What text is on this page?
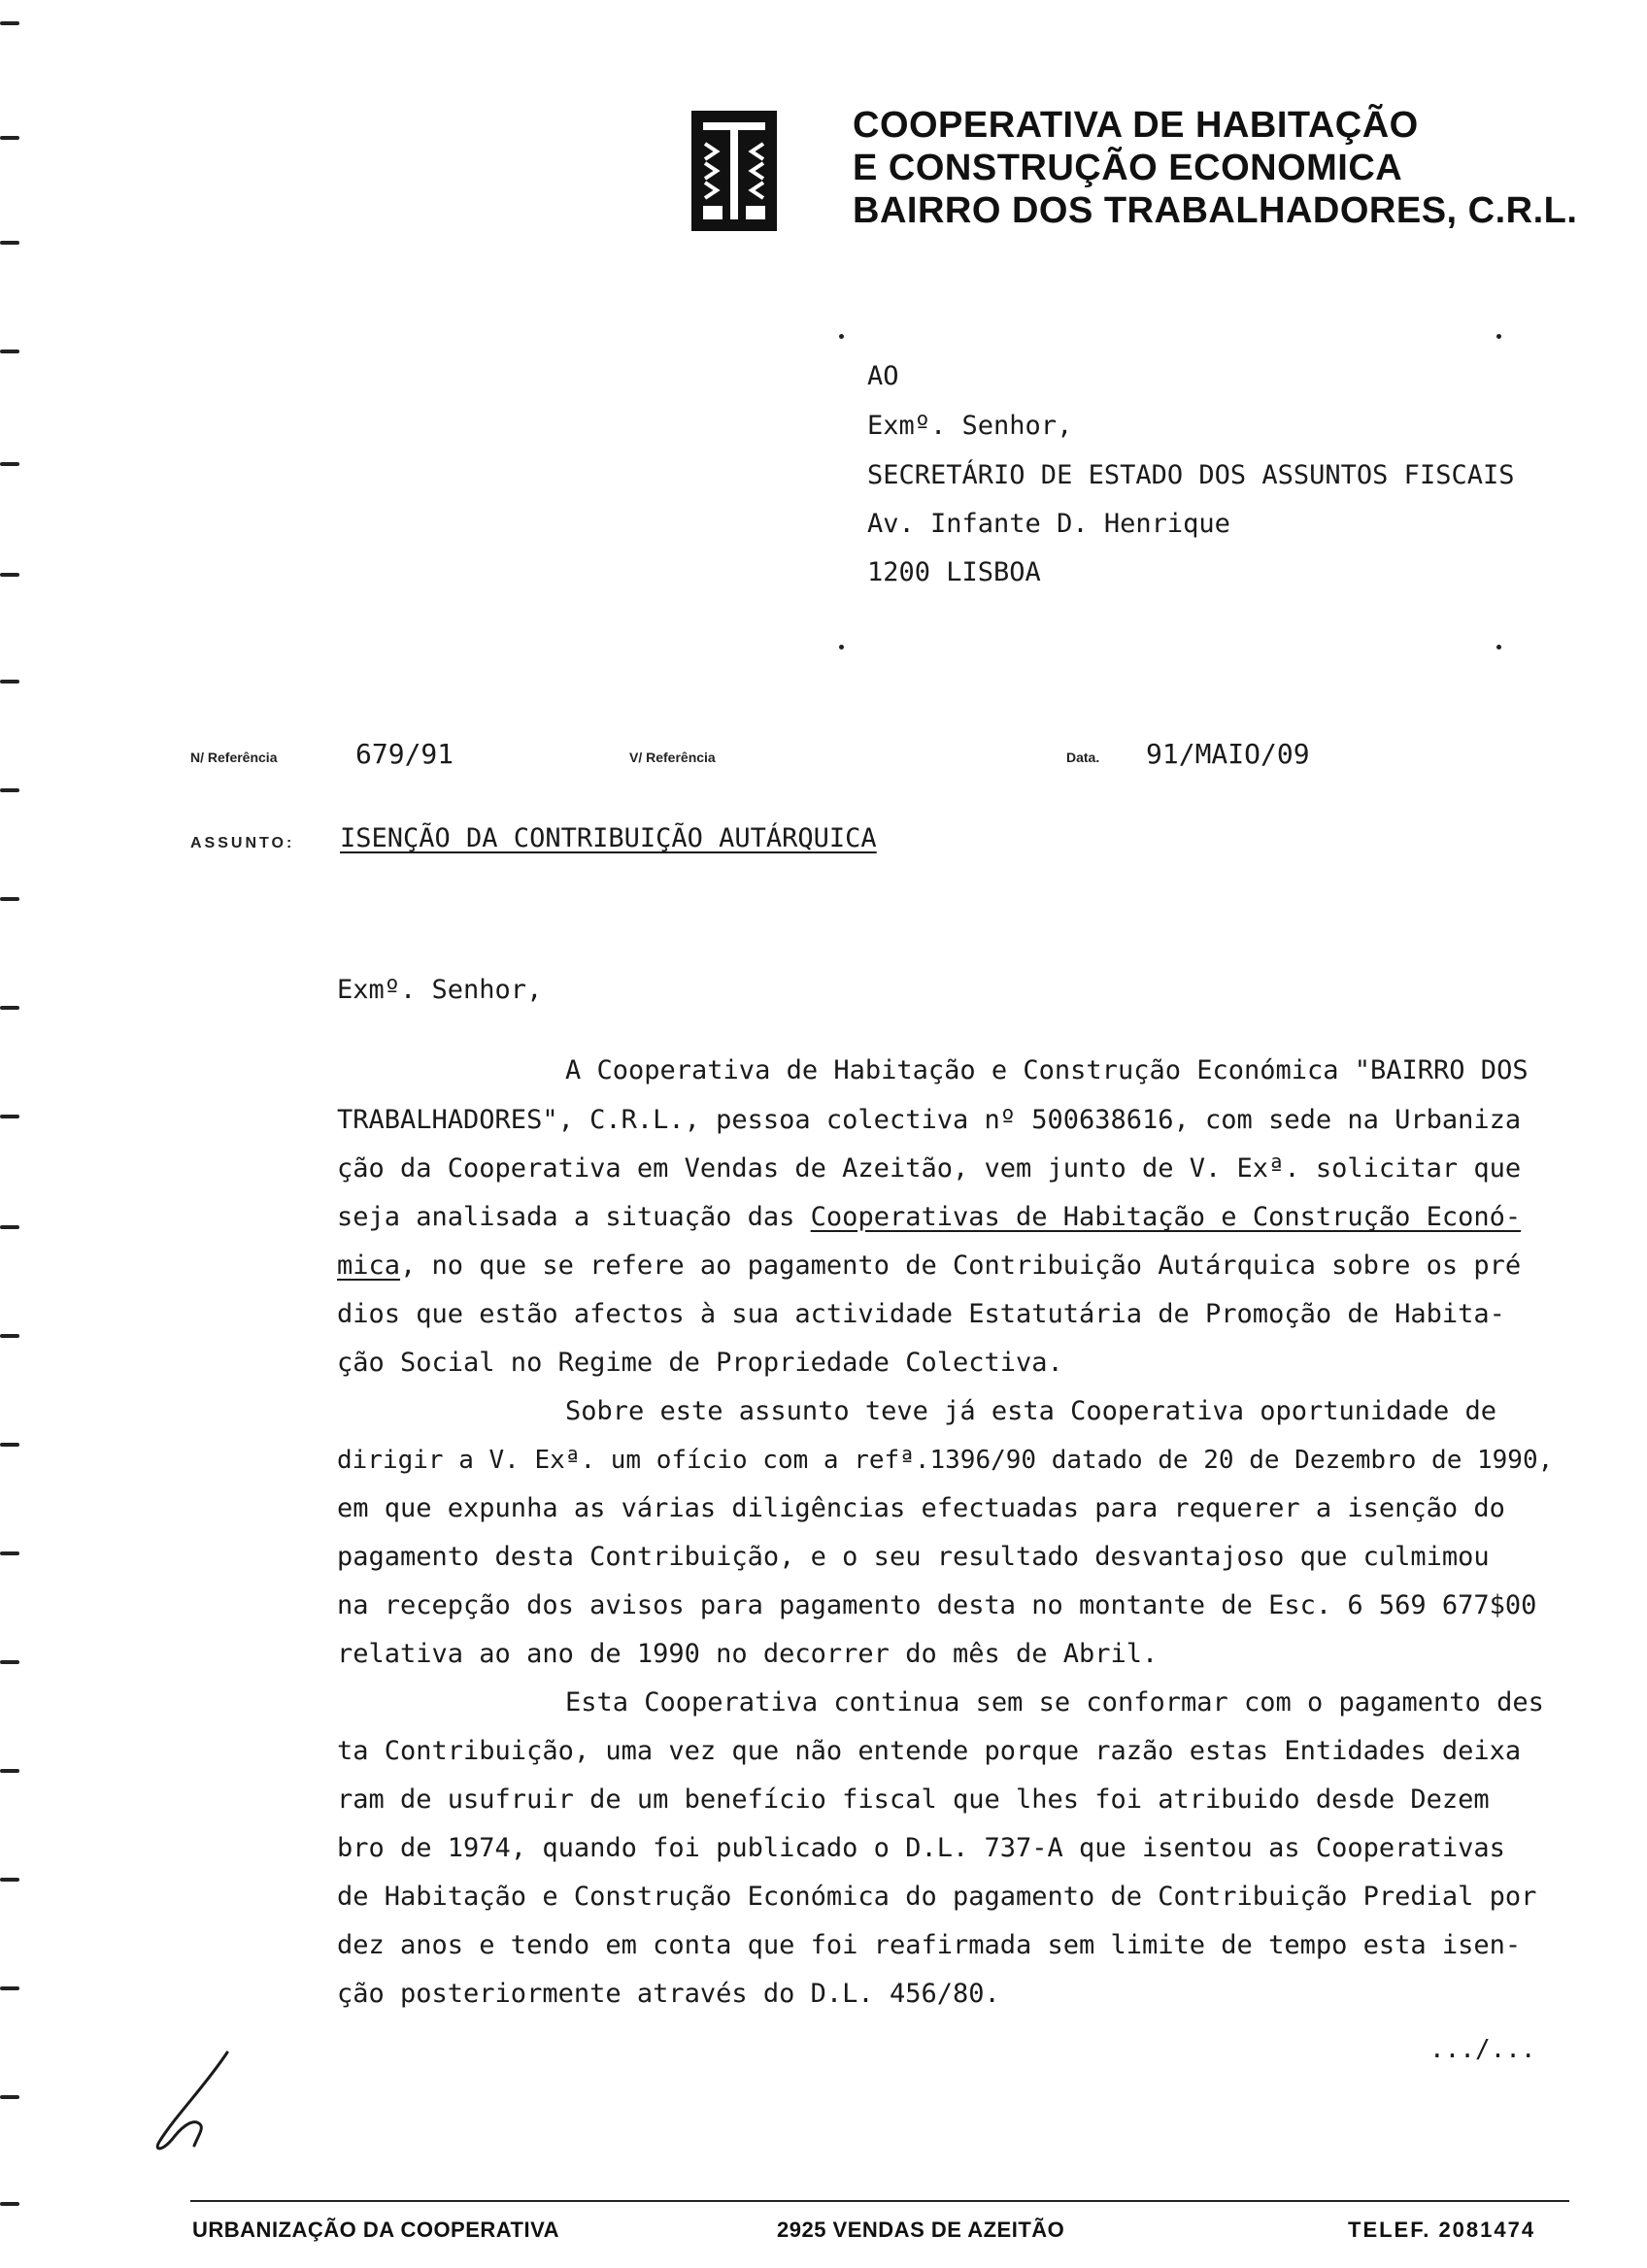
COOPERATIVA DE HABITAÇÃO
E CONSTRUÇÃO ECONOMICA
BAIRRO DOS TRABALHADORES, C.R.L.
AO
Exmº. Senhor,
SECRETÁRIO DE ESTADO DOS ASSUNTOS FISCAIS
Av. Infante D. Henrique
1200 LISBOA
N/ Referência	679/91	V/ Referência	Data. 91/MAIO/09
ASSUNTO: ISENÇÃO DA CONTRIBUIÇÃO AUTÁRQUICA
Exmº. Senhor,
A Cooperativa de Habitação e Construção Económica "BAIRRO DOS
TRABALHADORES", C.R.L., pessoa colectiva nº 500638616, com sede na Urbaniza
ção da Cooperativa em Vendas de Azeitão, vem junto de V. Exª. solicitar que
seja analisada a situação das Cooperativas de Habitação e Construção Econó-
mica, no que se refere ao pagamento de Contribuição Autárquica sobre os pré
dios que estão afectos à sua actividade Estatutária de Promoção de Habita-
ção Social no Regime de Propriedade Colectiva.
Sobre este assunto teve já esta Cooperativa oportunidade de
dirigir a V. Exª. um ofício com a refª.1396/90 datado de 20 de Dezembro de 1990,
em que expunha as várias diligências efectuadas para requerer a isenção do
pagamento desta Contribuição, e o seu resultado desvantajoso que culmimou
na recepção dos avisos para pagamento desta no montante de Esc. 6 569 677$00
relativa ao ano de 1990 no decorrer do mês de Abril.
Esta Cooperativa continua sem se conformar com o pagamento des
ta Contribuição, uma vez que não entende porque razão estas Entidades deixa
ram de usufruir de um benefício fiscal que lhes foi atribuido desde Dezem
bro de 1974, quando foi publicado o D.L. 737-A que isentou as Cooperativas
de Habitação e Construção Económica do pagamento de Contribuição Predial por
dez anos e tendo em conta que foi reafirmada sem limite de tempo esta isen-
ção posteriormente através do D.L. 456/80.
.../...
URBANIZAÇÃO DA COOPERATIVA	2925 VENDAS DE AZEITÃO	TELEF. 2081474
